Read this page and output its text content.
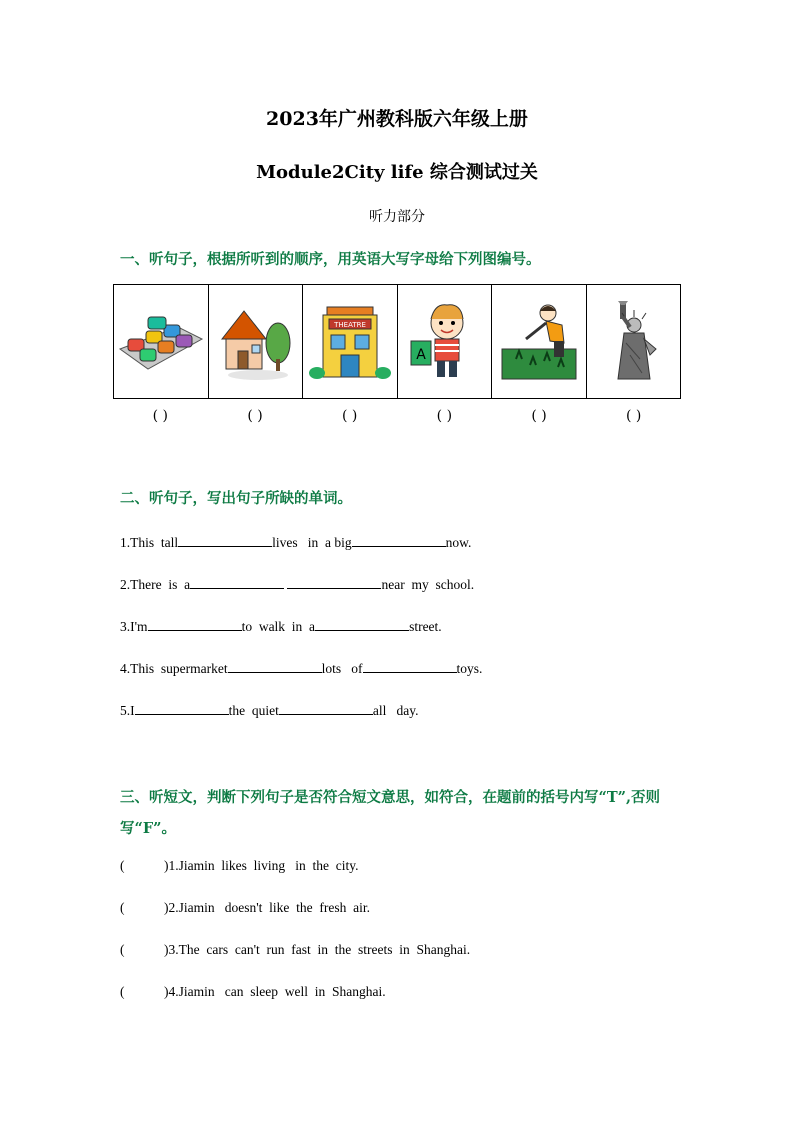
2023年广州教科版六年级上册
Module2City life 综合测试过关
听力部分
一、听句子，根据所听到的顺序，用英语大写字母给下列图编号。
THEATRE
A
( )	( )	( )	( )	( )	( )
二、听句子，写出句子所缺的单词。
1.This  tall	lives   in  a big	now.
2.There  is  a	near  my  school.
3.I'm	to  walk  in  a	street.
4.This  supermarket	lots   of	toys.
5.I	the  quiet	all   day.
三、听短文，判断下列句子是否符合短文意思，如符合，在题前的括号内写“T”,否则写“F”。
(	)1.Jiamin  likes  living   in  the  city.
(	)2.Jiamin   doesn't  like  the  fresh  air.
(	)3.The  cars  can't  run  fast  in  the  streets  in  Shanghai.
(	)4.Jiamin   can  sleep  well  in  Shanghai.
